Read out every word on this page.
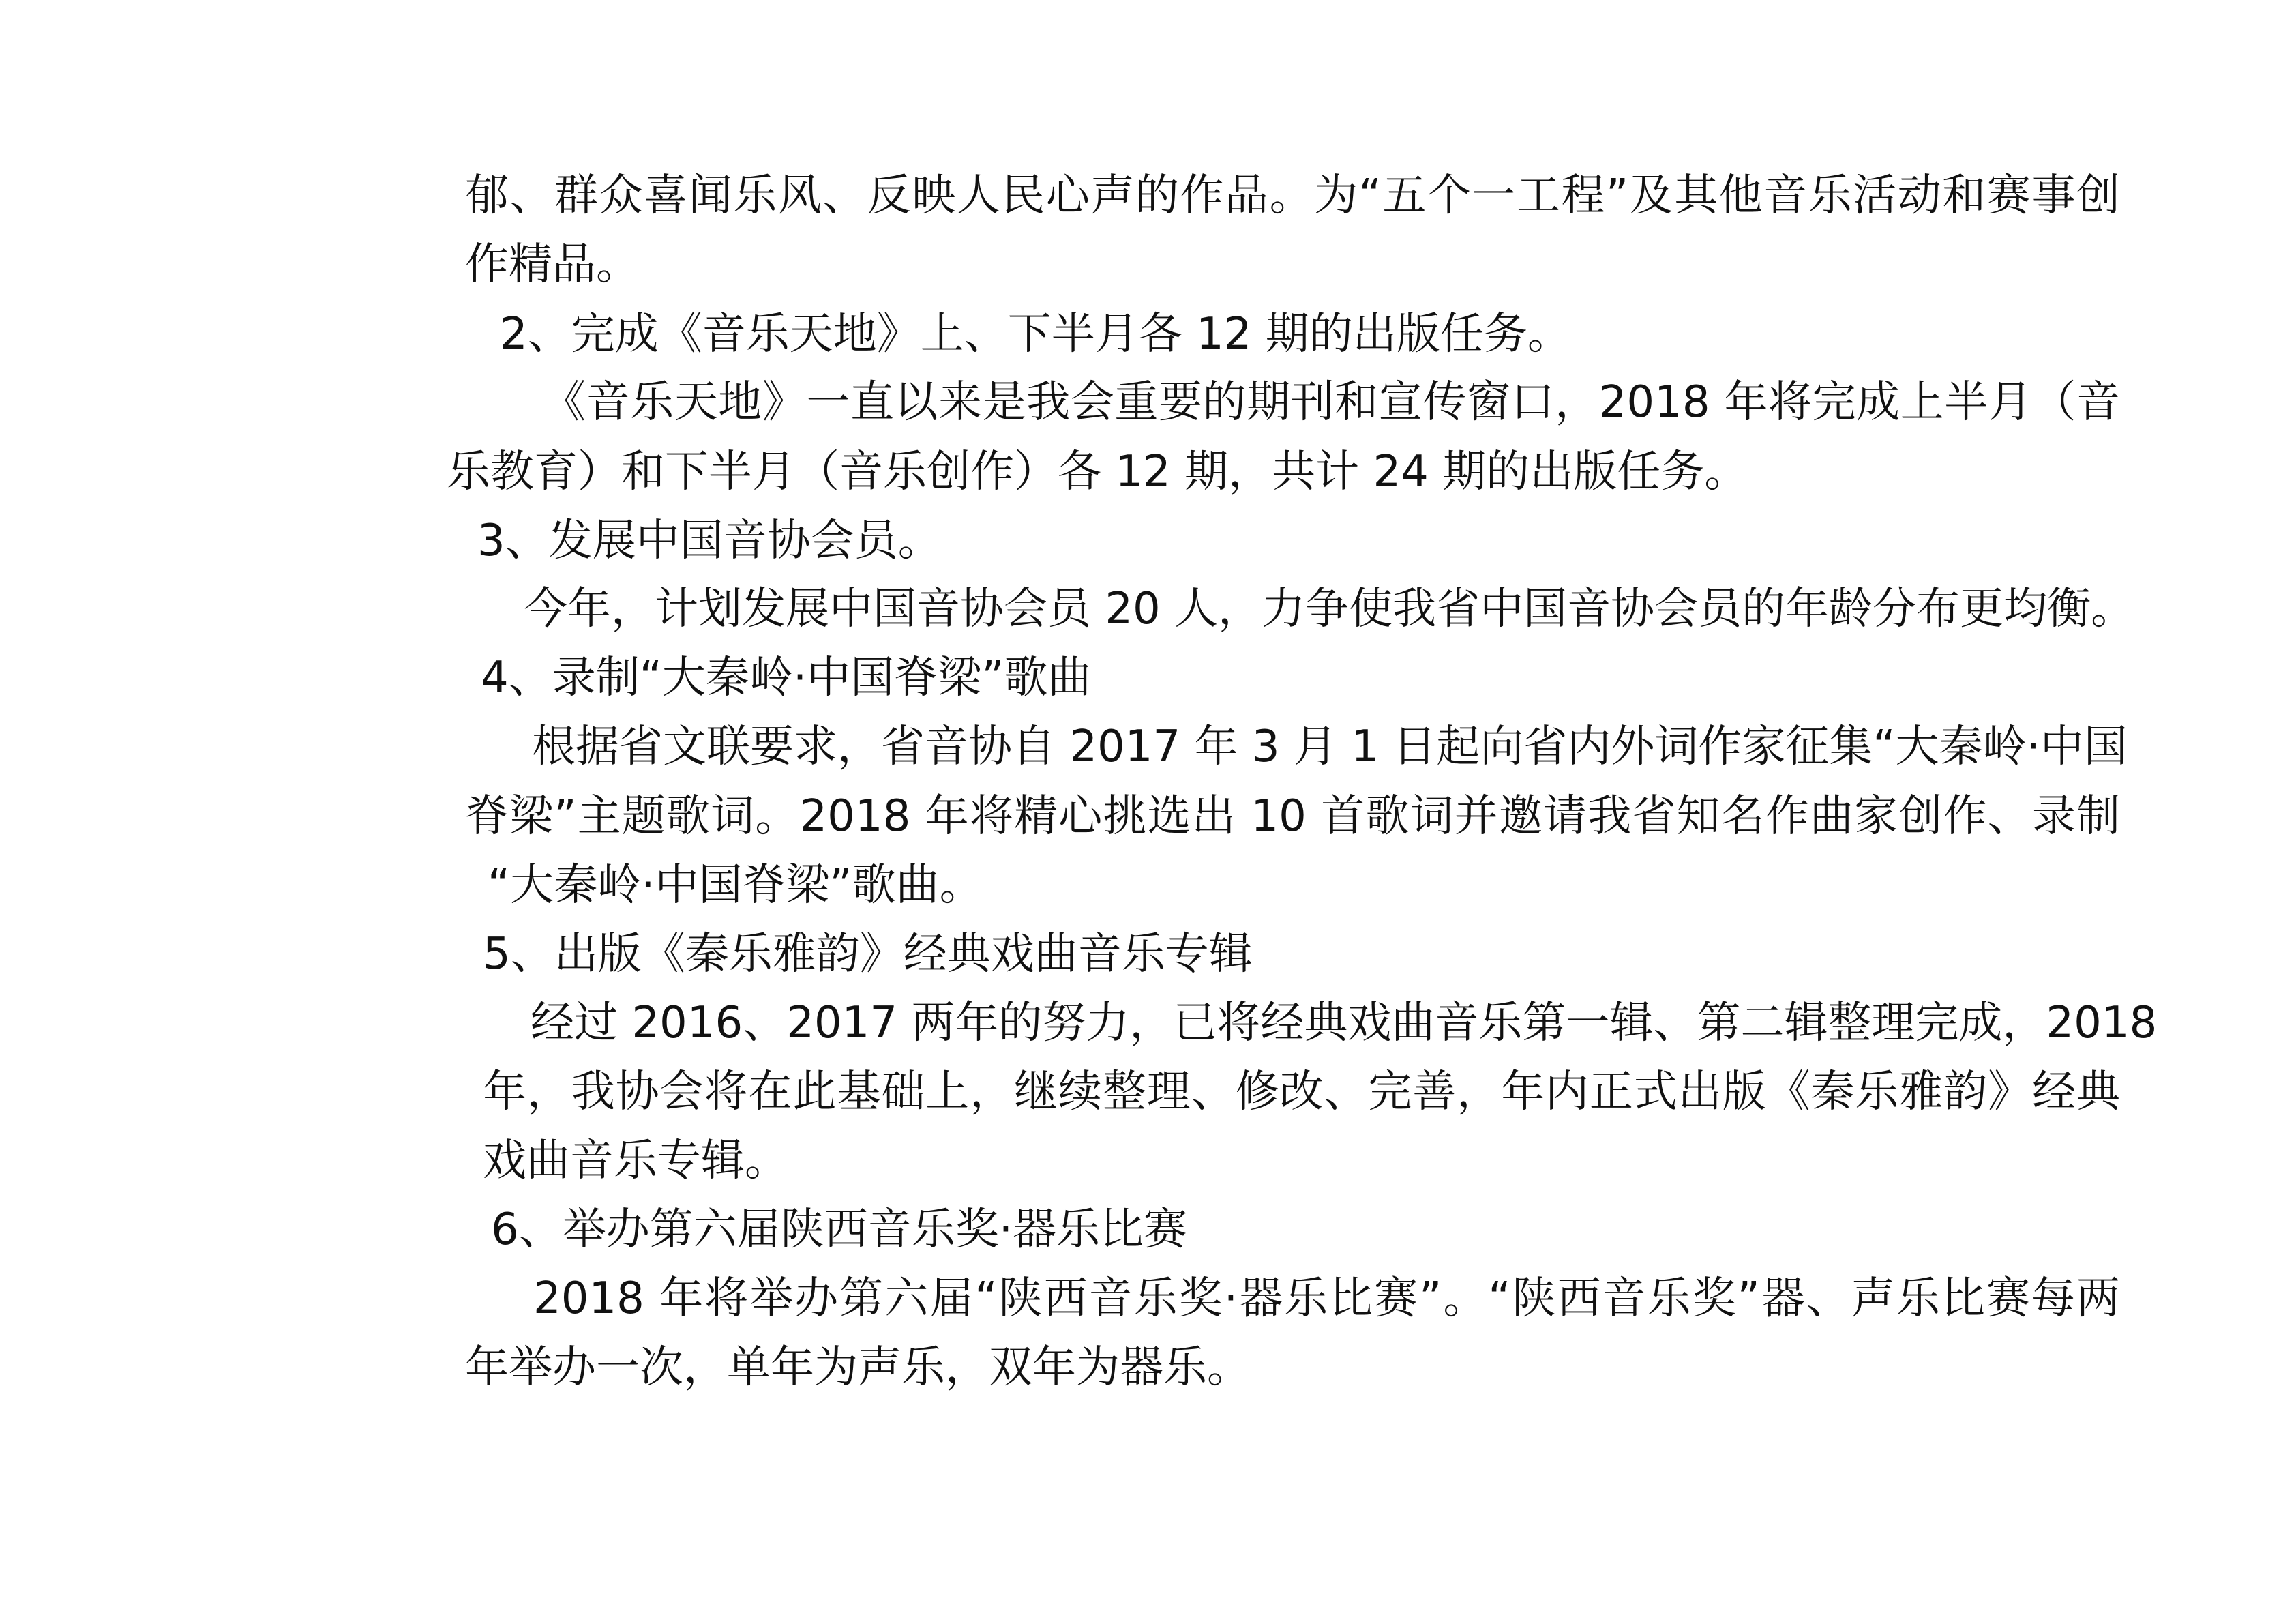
郁、群众喜闻乐风、反映人民心声的作品。为“五个一工程”及其他音乐活动和赛事创

作精品。

2、完成《音乐天地》上、下半月各 12 期的出版任务。

《音乐天地》一直以来是我会重要的期刊和宣传窗口，2018 年将完成上半月（音

乐教育）和下半月（音乐创作）各 12 期，共计 24 期的出版任务。

3、发展中国音协会员。

今年，计划发展中国音协会员 20 人，力争使我省中国音协会员的年龄分布更均衡。

4、录制“大秦岭·中国脊梁”歌曲

根据省文联要求，省音协自 2017 年 3 月 1 日起向省内外词作家征集“大秦岭·中国

脊梁”主题歌词。2018 年将精心挑选出 10 首歌词并邀请我省知名作曲家创作、录制

“大秦岭·中国脊梁”歌曲。

5、出版《秦乐雅韵》经典戏曲音乐专辑

经过 2016、2017 两年的努力，已将经典戏曲音乐第一辑、第二辑整理完成，2018

年，我协会将在此基础上，继续整理、修改、完善，年内正式出版《秦乐雅韵》经典

戏曲音乐专辑。

6、举办第六届陕西音乐奖·器乐比赛

2018 年将举办第六届“陕西音乐奖·器乐比赛”。“陕西音乐奖”器、声乐比赛每两

年举办一次，单年为声乐，双年为器乐。
